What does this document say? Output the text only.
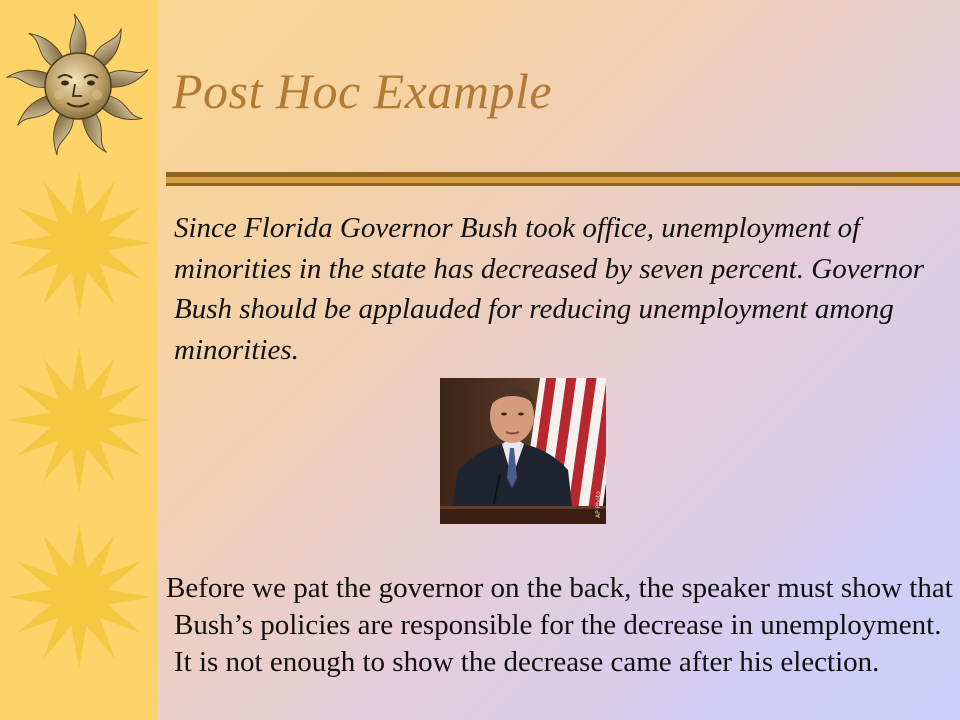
Post Hoc Example

Since Florida Governor Bush took office, unemployment of minorities in the state has decreased by seven percent. Governor Bush should be applauded for reducing unemployment among minorities.

AP Photo

Before we pat the governor on the back, the speaker must show that Bush’s policies are responsible for the decrease in unemployment. It is not enough to show the decrease came after his election.
